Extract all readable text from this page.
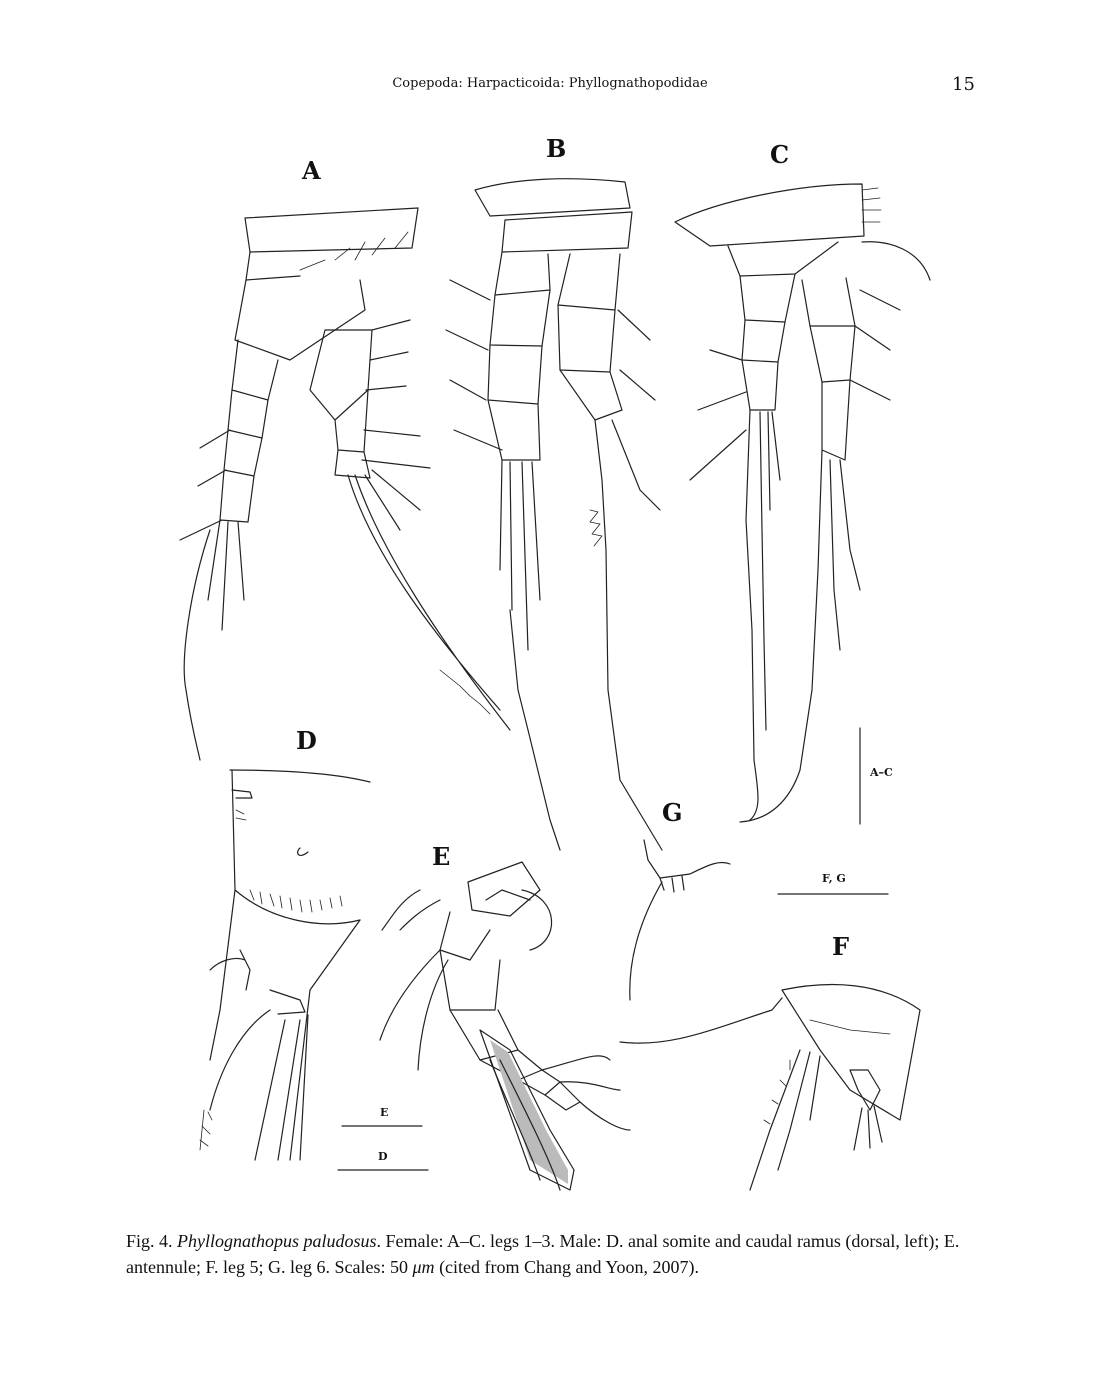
Copepoda: Harpacticoida: Phyllognathopodidae	15
A
B	C
D
E
G
F
A–C
F, G
E
D
Fig. 4. Phyllognathopus paludosus. Female: A–C. legs 1–3. Male: D. anal somite and caudal ramus (dorsal, left); E. antennule; F. leg 5; G. leg 6. Scales: 50 μm (cited from Chang and Yoon, 2007).
